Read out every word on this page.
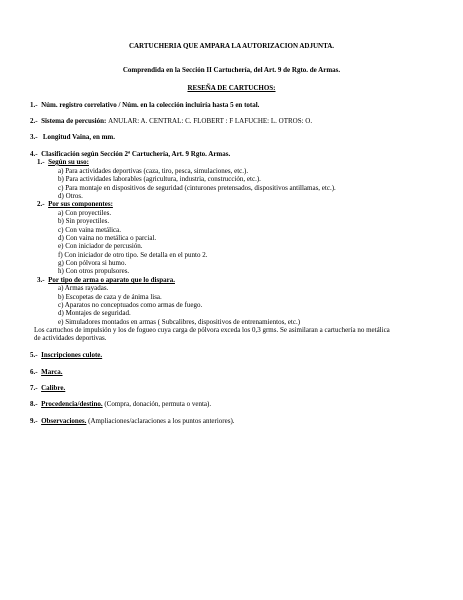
CARTUCHERIA QUE AMPARA LA AUTORIZACION ADJUNTA.
Comprendida en la Sección II Cartuchería, del Art. 9 de Rgto. de Armas.
RESEÑA DE CARTUCHOS:
1.- Núm. registro correlativo / Núm. en la colección incluiría hasta 5 en total.
2.- Sistema de percusión: ANULAR: A. CENTRAL: C. FLOBERT : F LAFUCHE: L. OTROS: O.
3.- Longitud Vaina, en mm.
4.- Clasificación según Sección 2ª Cartuchería, Art. 9 Rgto. Armas.
1.- Según su uso:
a) Para actividades deportivas (caza, tiro, pesca, simulaciones, etc.).
b) Para actividades laborables (agricultura, industria, construcción, etc.).
c) Para montaje en dispositivos de seguridad (cinturones pretensados, dispositivos antillamas, etc.).
d) Otros.
2.- Por sus componentes:
a) Con proyectiles.
b) Sin proyectiles.
c) Con vaina metálica.
d) Con vaina no metálica o parcial.
e) Con iniciador de percusión.
f) Con iniciador de otro tipo. Se detalla en el punto 2.
g) Con pólvora si humo.
h) Con otros propulsores.
3.- Por tipo de arma o aparato que lo dispara.
a) Armas rayadas.
b) Escopetas de caza y de ánima lisa.
c) Aparatos no conceptuados como armas de fuego.
d) Montajes de seguridad.
e) Simuladores montados en armas ( Subcalibres, dispositivos de entrenamientos, etc.)
Los cartuchos de impulsión y los de fogueo cuya carga de pólvora exceda los 0,3 grms. Se asimilaran a cartuchería no metálica
de actividades deportivas.
5.- Inscripciones culote.
6.- Marca.
7.- Calibre.
8.- Procedencia/destino. (Compra, donación, permuta o venta).
9.- Observaciones. (Ampliaciones/aclaraciones a los puntos anteriores).
